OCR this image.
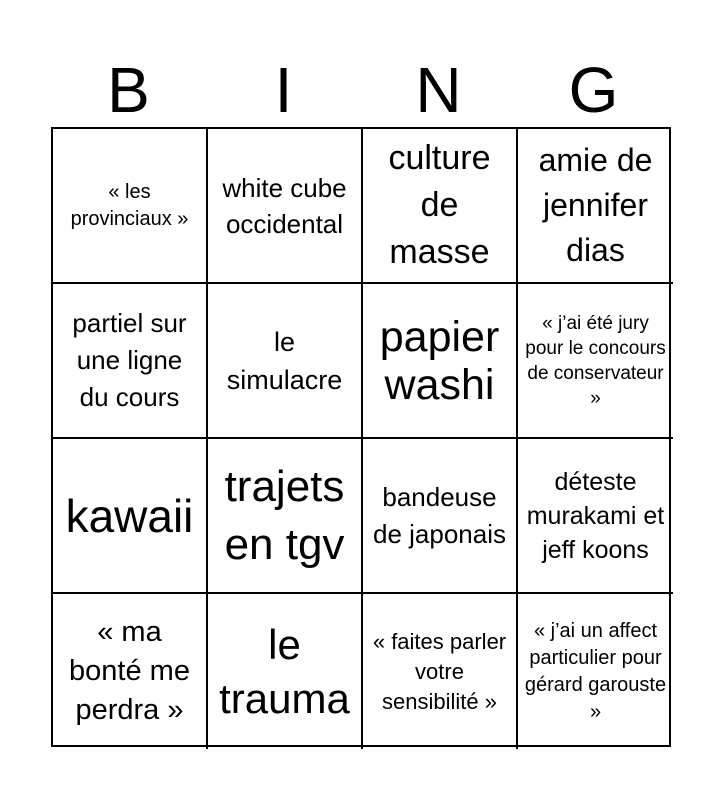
B	I	N	G
« les provinciaux »
white cube occidental
culture de masse
amie de jennifer dias
partiel sur une ligne du cours
le simulacre
papier washi
« j’ai été jury pour le concours de conservateur »
kawaii
trajets en tgv
bandeuse de japonais
déteste murakami et jeff koons
« ma bonté me perdra »
le trauma
« faites parler votre sensibilité »
« j’ai un affect particulier pour gérard garouste »
